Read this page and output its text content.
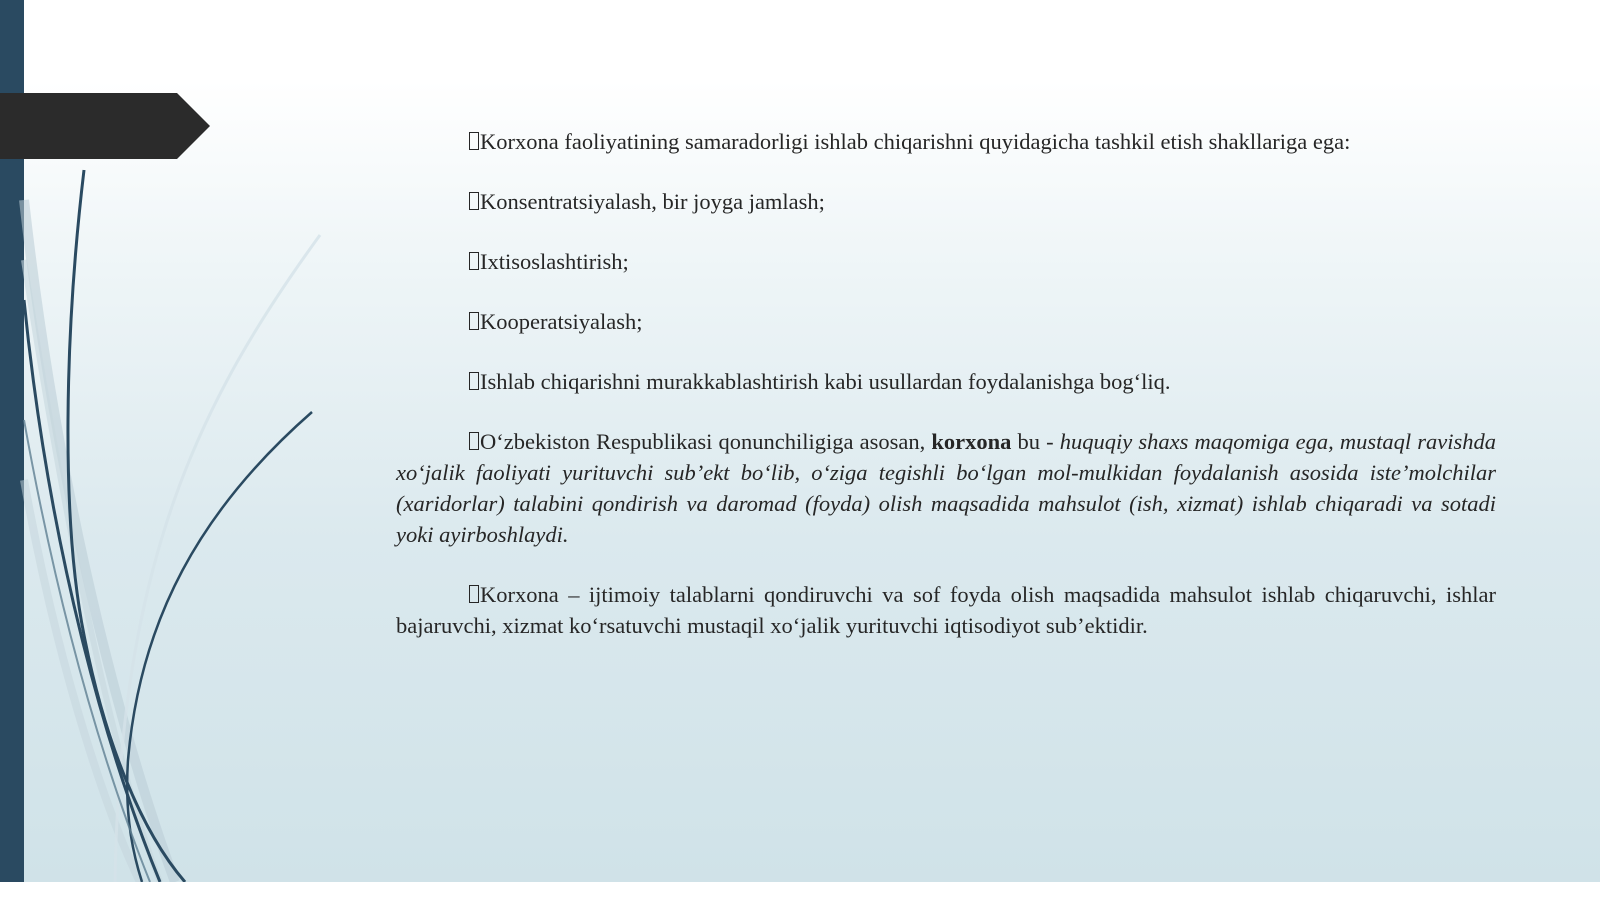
Korxona faoliyatining samaradorligi ishlab chiqarishni quyidagicha tashkil etish shakllariga ega:

Konsentratsiyalash, bir joyga jamlash;

Ixtisoslashtirish;

Kooperatsiyalash;

Ishlab chiqarishni murakkablashtirish kabi usullardan foydalanishga bog‘liq.

O‘zbekiston Respublikasi qonunchiligiga asosan, korxona bu - huquqiy shaxs maqomiga ega, mustaql ravishda xo‘jalik faoliyati yurituvchi sub’ekt bo‘lib, o‘ziga tegishli bo‘lgan mol-mulkidan foydalanish asosida iste’molchilar (xaridorlar) talabini qondirish va daromad (foyda) olish maqsadida mahsulot (ish, xizmat) ishlab chiqaradi va sotadi yoki ayirboshlaydi.

Korxona – ijtimoiy talablarni qondiruvchi va sof foyda olish maqsadida mahsulot ishlab chiqaruvchi, ishlar bajaruvchi, xizmat ko‘rsatuvchi mustaqil xo‘jalik yurituvchi iqtisodiyot sub’ektidir.
